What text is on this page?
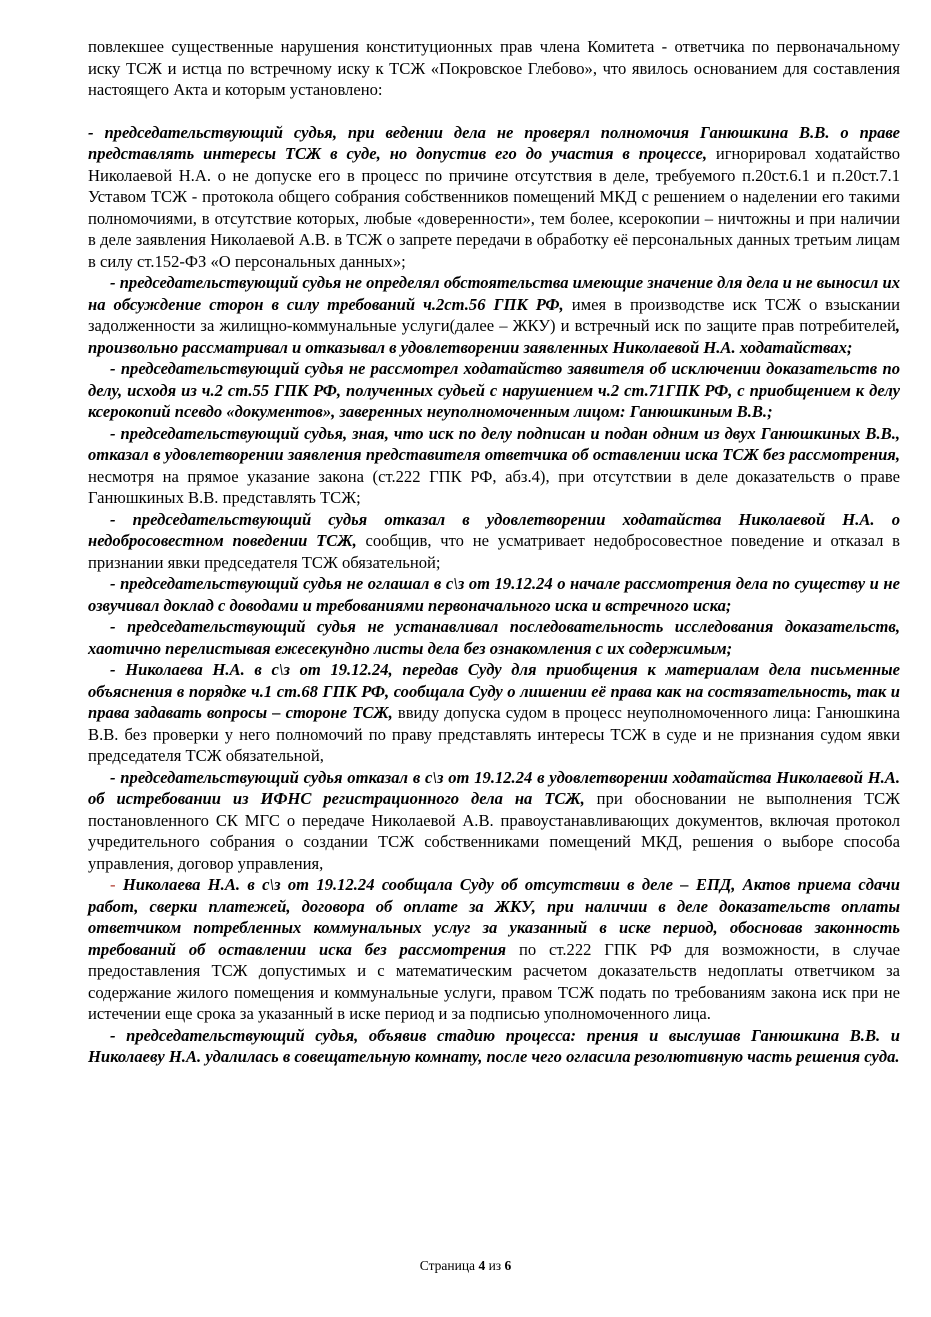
повлекшее существенные нарушения конституционных прав члена Комитета - ответчика по первоначальному иску ТСЖ и истца по встречному иску к ТСЖ «Покровское Глебово», что явилось основанием для составления настоящего Акта и которым установлено:

- председательствующий судья, при ведении дела не проверял полномочия Ганюшкина В.В. о праве представлять интересы ТСЖ в суде, но допустив его до участия в процессе, игнорировал ходатайство Николаевой Н.А. о не допуске его в процесс по причине отсутствия в деле, требуемого п.20ст.6.1 и п.20ст.7.1 Уставом ТСЖ - протокола общего собрания собственников помещений МКД с решением о наделении его такими полномочиями, в отсутствие которых, любые «доверенности», тем более, ксерокопии – ничтожны и при наличии в деле заявления Николаевой А.В. в ТСЖ о запрете передачи в обработку её персональных данных третьим лицам в силу ст.152-ФЗ «О персональных данных»;

- председательствующий судья не определял обстоятельства имеющие значение для дела и не выносил их на обсуждение сторон в силу требований ч.2ст.56 ГПК РФ, имея в производстве иск ТСЖ о взыскании задолженности за жилищно-коммунальные услуги(далее – ЖКУ) и встречный иск по защите прав потребителей, произвольно рассматривал и отказывал в удовлетворении заявленных Николаевой Н.А. ходатайствах;

- председательствующий судья не рассмотрел ходатайство заявителя об исключении доказательств по делу, исходя из ч.2 ст.55 ГПК РФ, полученных судьей с нарушением ч.2 ст.71ГПК РФ, с приобщением к делу ксерокопий псевдо «документов», заверенных неуполномоченным лицом: Ганюшкиным В.В.;

- председательствующий судья, зная, что иск по делу подписан и подан одним из двух Ганюшкиных В.В., отказал в удовлетворении заявления представителя ответчика об оставлении иска ТСЖ без рассмотрения, несмотря на прямое указание закона (ст.222 ГПК РФ, абз.4), при отсутствии в деле доказательств о праве Ганюшкиных В.В. представлять ТСЖ;

- председательствующий судья отказал в удовлетворении ходатайства Николаевой Н.А. о недобросовестном поведении ТСЖ, сообщив, что не усматривает недобросовестное поведение и отказал в признании явки председателя ТСЖ обязательной;

- председательствующий судья не оглашал в с\з от 19.12.24 о начале рассмотрения дела по существу и не озвучивал доклад с доводами и требованиями первоначального иска и встречного иска;

- председательствующий судья не устанавливал последовательность исследования доказательств, хаотично перелистывая ежесекундно листы дела без ознакомления с их содержимым;

- Николаева Н.А. в с\з от 19.12.24, передав Суду для приобщения к материалам дела письменные объяснения в порядке ч.1 ст.68 ГПК РФ, сообщала Суду о лишении её права как на состязательность, так и права задавать вопросы – стороне ТСЖ, ввиду допуска судом в процесс неуполномоченного лица: Ганюшкина В.В. без проверки у него полномочий по праву представлять интересы ТСЖ в суде и не признания судом явки председателя ТСЖ обязательной,

- председательствующий судья отказал в с\з от 19.12.24 в удовлетворении ходатайства Николаевой Н.А. об истребовании из ИФНС регистрационного дела на ТСЖ, при обосновании не выполнения ТСЖ постановленного СК МГС о передаче Николаевой А.В. правоустанавливающих документов, включая протокол учредительного собрания о создании ТСЖ собственниками помещений МКД, решения о выборе способа управления, договор управления,

- Николаева Н.А. в с\з от 19.12.24 сообщала Суду об отсутствии в деле – ЕПД, Актов приема сдачи работ, сверки платежей, договора об оплате за ЖКУ, при наличии в деле доказательств оплаты ответчиком потребленных коммунальных услуг за указанный в иске период, обосновав законность требований об оставлении иска без рассмотрения по ст.222 ГПК РФ для возможности, в случае предоставления ТСЖ допустимых и с математическим расчетом доказательств недоплаты ответчиком за содержание жилого помещения и коммунальные услуги, правом ТСЖ подать по требованиям закона иск при не истечении еще срока за указанный в иске период и за подписью уполномоченного лица.

- председательствующий судья, объявив стадию процесса: прения и выслушав Ганюшкина В.В. и Николаеву Н.А. удалилась в совещательную комнату, после чего огласила резолютивную часть решения суда.

Страница 4 из 6
